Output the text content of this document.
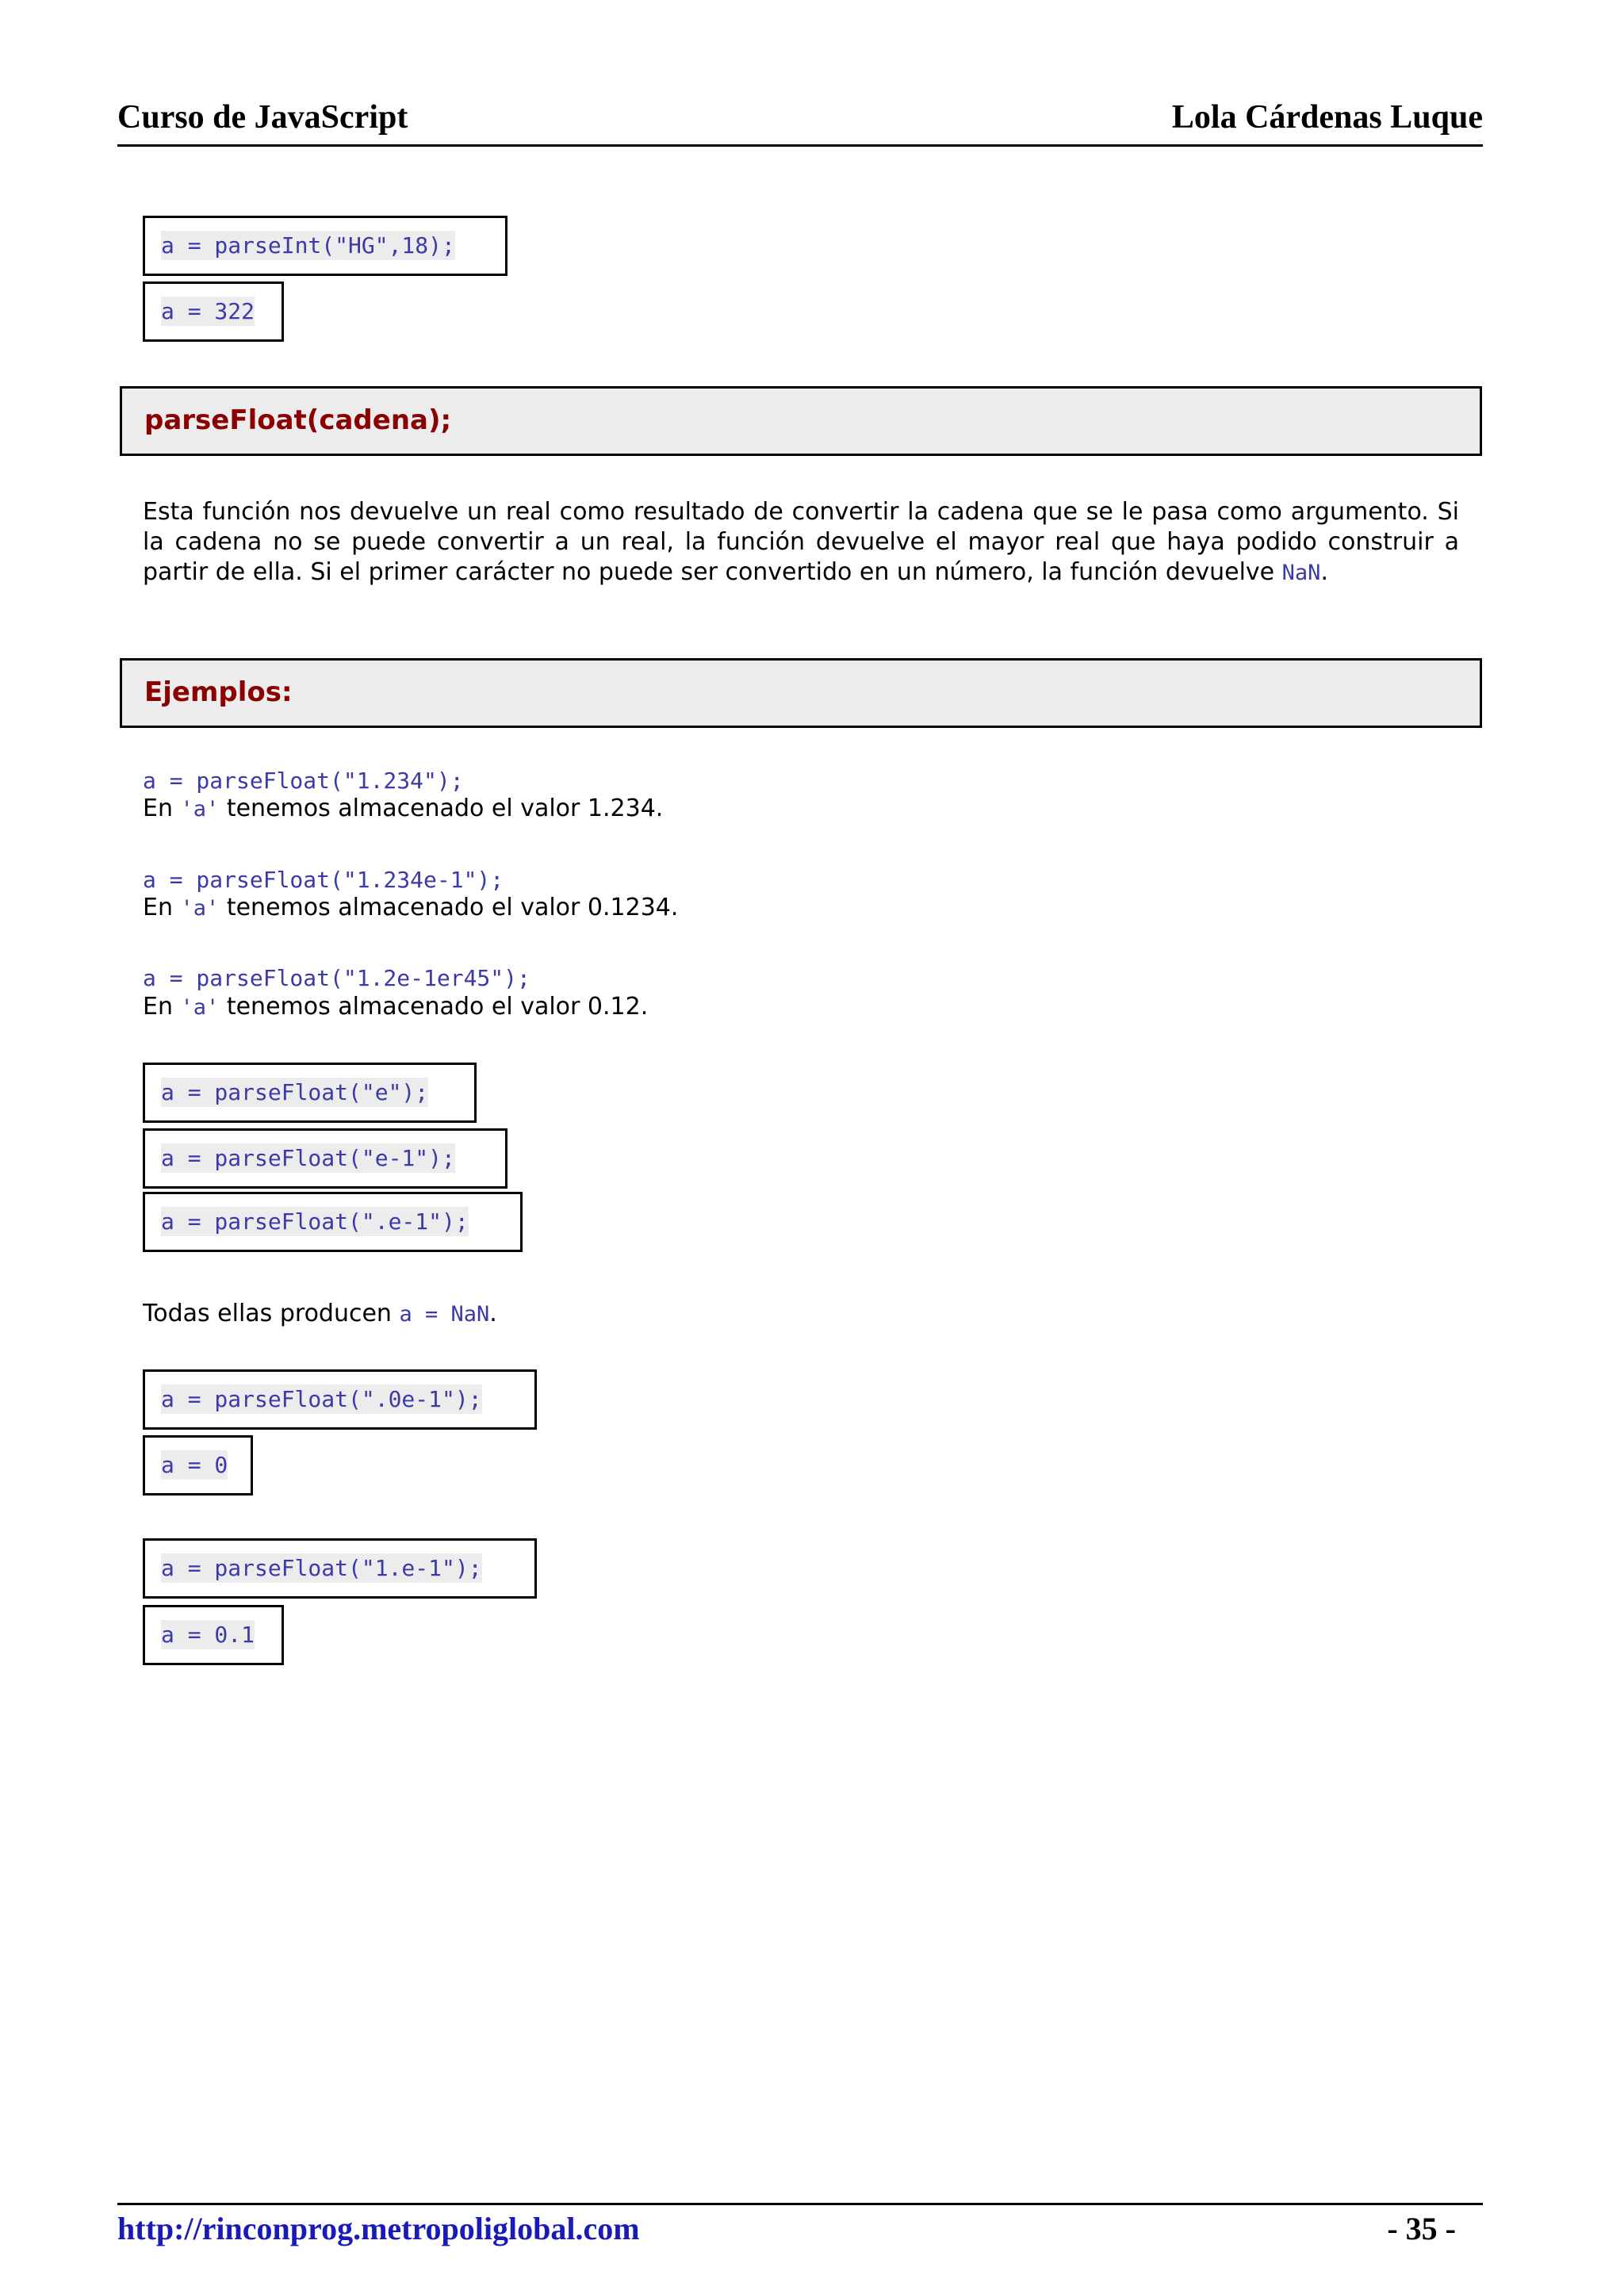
Curso de JavaScript	Lola Cárdenas Luque
a = parseInt("HG",18);
a = 322
parseFloat(cadena);
Esta función nos devuelve un real como resultado de convertir la cadena que se le pasa como argumento. Si la cadena no se puede convertir a un real, la función devuelve el mayor real que haya podido construir a partir de ella. Si el primer carácter no puede ser convertido en un número, la función devuelve NaN.
Ejemplos:
a = parseFloat("1.234");
En 'a' tenemos almacenado el valor 1.234.
a = parseFloat("1.234e-1");
En 'a' tenemos almacenado el valor 0.1234.
a = parseFloat("1.2e-1er45");
En 'a' tenemos almacenado el valor 0.12.
a = parseFloat("e");
a = parseFloat("e-1");
a = parseFloat(".e-1");
Todas ellas producen a = NaN.
a = parseFloat(".0e-1");
a = 0
a = parseFloat("1.e-1");
a = 0.1
http://rinconprog.metropoliglobal.com	- 35 -
